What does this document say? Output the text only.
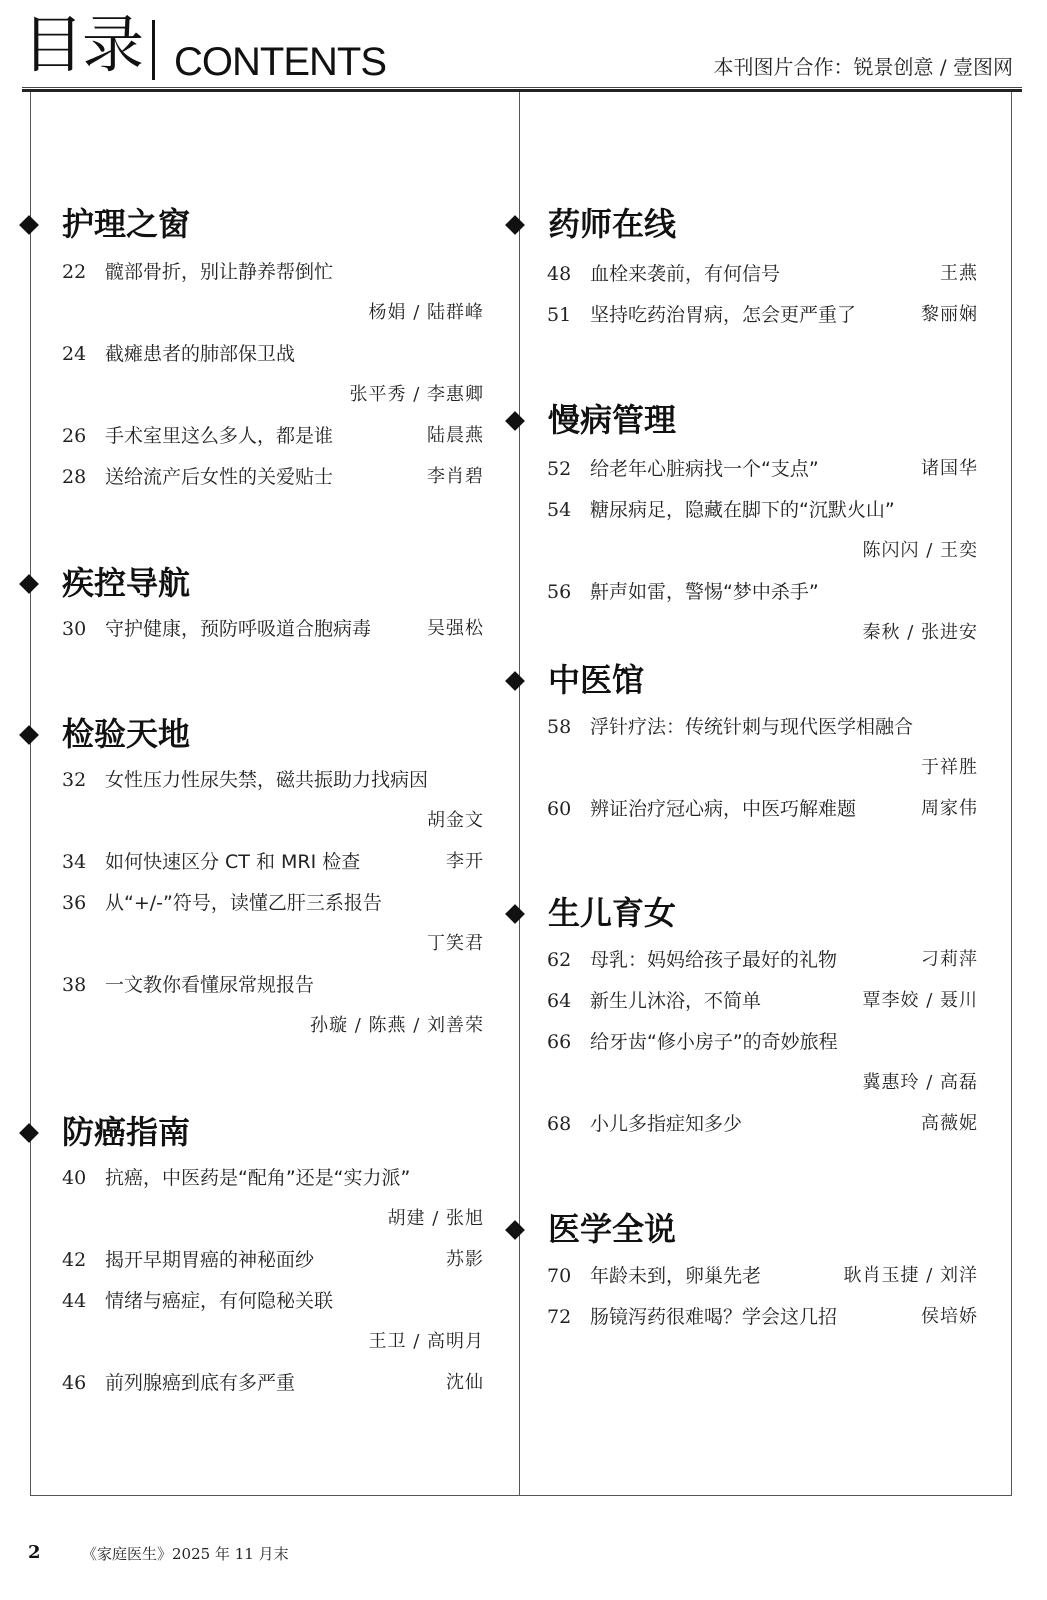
目录 CONTENTS	本刊图片合作：锐景创意 / 壹图网
护理之窗
22 髋部骨折，别让静养帮倒忙
杨娟 / 陆群峰
24 截瘫患者的肺部保卫战
张平秀 / 李惠卿
26 手术室里这么多人，都是谁	陆晨燕
28 送给流产后女性的关爱贴士	李肖碧
疾控导航
30 守护健康，预防呼吸道合胞病毒	吴强松
检验天地
32 女性压力性尿失禁，磁共振助力找病因
胡金文
34 如何快速区分 CT 和 MRI 检查	李开
36 从“+/-”符号，读懂乙肝三系报告
丁笑君
38 一文教你看懂尿常规报告
孙璇 / 陈燕 / 刘善荣
防癌指南
40 抗癌，中医药是“配角”还是“实力派”
胡建 / 张旭
42 揭开早期胃癌的神秘面纱	苏影
44 情绪与癌症，有何隐秘关联
王卫 / 高明月
46 前列腺癌到底有多严重	沈仙
药师在线
48 血栓来袭前，有何信号	王燕
51 坚持吃药治胃病，怎会更严重了	黎丽娴
慢病管理
52 给老年心脏病找一个“支点”	诸国华
54 糖尿病足，隐藏在脚下的“沉默火山”
陈闪闪 / 王奕
56 鼾声如雷，警惕“梦中杀手”
秦秋 / 张进安
中医馆
58 浮针疗法：传统针刺与现代医学相融合
于祥胜
60 辨证治疗冠心病，中医巧解难题	周家伟
生儿育女
62 母乳：妈妈给孩子最好的礼物	刁莉萍
64 新生儿沐浴，不简单	覃李姣 / 聂川
66 给牙齿“修小房子”的奇妙旅程
冀惠玲 / 高磊
68 小儿多指症知多少	高薇妮
医学全说
70 年龄未到，卵巢先老	耿肖玉捷 / 刘洋
72 肠镜泻药很难喝？学会这几招	侯培娇
2	《家庭医生》2025 年 11 月末
